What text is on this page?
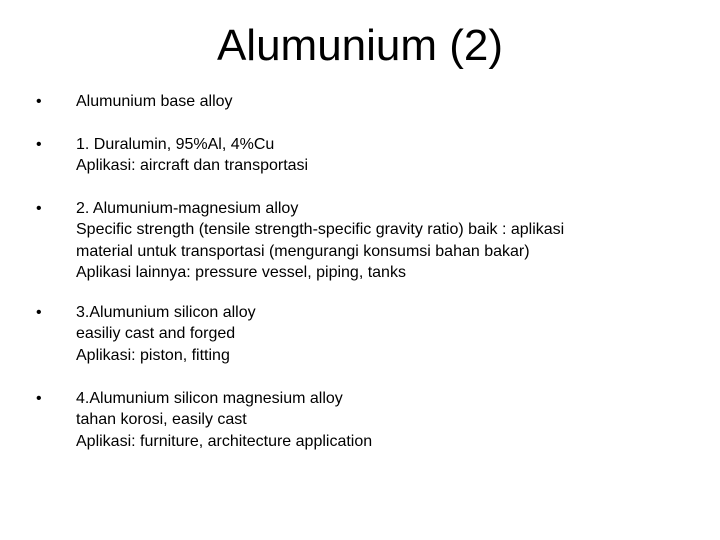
Alumunium (2)
• Alumunium base alloy
• 1. Duralumin, 95%Al, 4%Cu
Aplikasi: aircraft dan transportasi
• 2. Alumunium-magnesium alloy
Specific strength (tensile strength-specific gravity ratio) baik : aplikasi
material untuk transportasi (mengurangi konsumsi bahan bakar)
Aplikasi lainnya: pressure vessel, piping, tanks
• 3.Alumunium silicon alloy
easiliy cast and forged
Aplikasi: piston, fitting
• 4.Alumunium silicon magnesium alloy
tahan korosi, easily cast
Aplikasi: furniture, architecture application
